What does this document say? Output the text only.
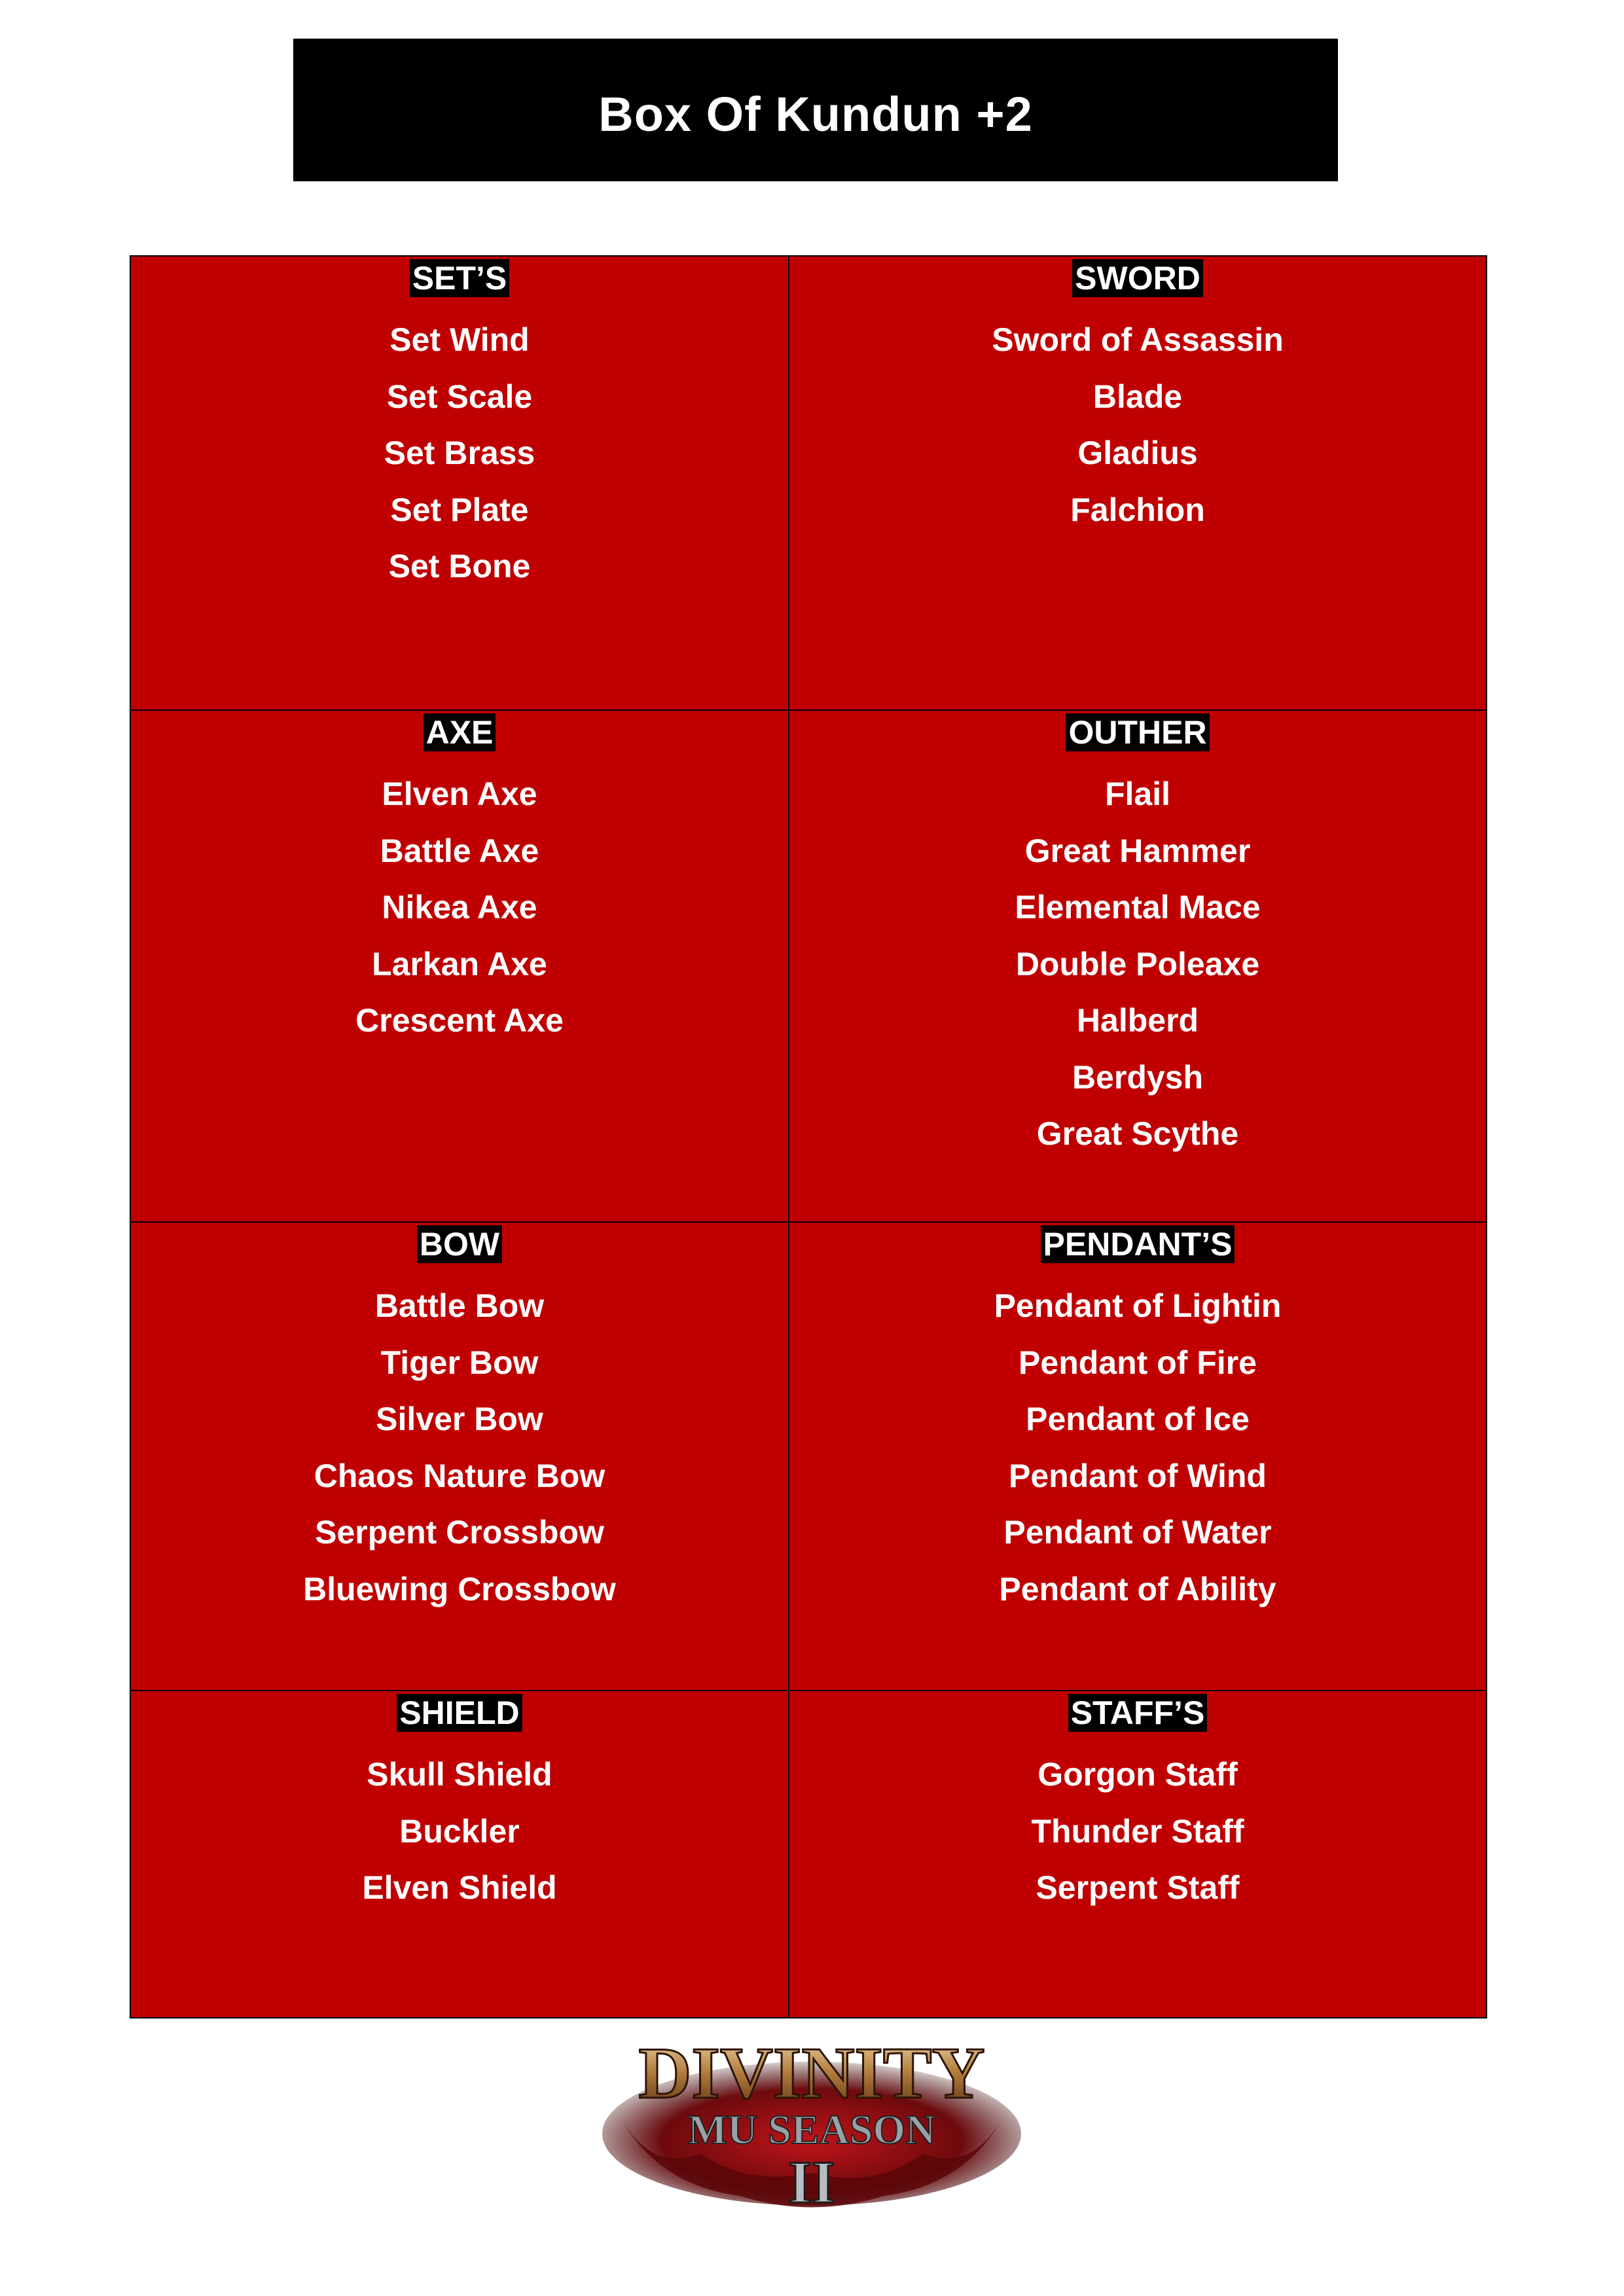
Box Of Kundun +2
SET’S
Set Wind
Set Scale
Set Brass
Set Plate
Set Bone
SWORD
Sword of Assassin
Blade
Gladius
Falchion
AXE
Elven Axe
Battle Axe
Nikea Axe
Larkan Axe
Crescent Axe
OUTHER
Flail
Great Hammer
Elemental Mace
Double Poleaxe
Halberd
Berdysh
Great Scythe
BOW
Battle Bow
Tiger Bow
Silver Bow
Chaos Nature Bow
Serpent Crossbow
Bluewing Crossbow
PENDANT’S
Pendant of Lightin
Pendant of Fire
Pendant of Ice
Pendant of Wind
Pendant of Water
Pendant of Ability
SHIELD
Skull Shield
Buckler
Elven Shield
STAFF’S
Gorgon Staff
Thunder Staff
Serpent Staff
DIVINITY
MU SEASON
II
